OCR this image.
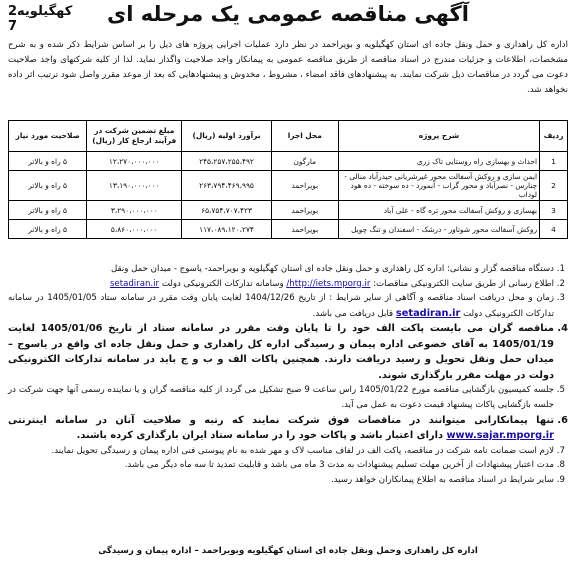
کهگیلویه2 7
آگهی مناقصه عمومی یک مرحله ای
اداره کل راهداری و حمل ونقل جاده ای استان کهگیلویه و بویراحمد در نظر دارد عملیات اجرایی پروژه های ذیل را بر اساس شرایط ذکر شده و به شرح مشخصات، اطلاعات و جزئیات مندرج در اسناد مناقصه از طریق مناقصه عمومی به پیمانکار واجد صلاحیت واگذار نماید. لذا از کلیه شرکتهای واجد صلاحیت دعوت می گردد در مناقصات ذیل شرکت نمایند. به پیشنهادهای فاقد امضاء ، مشروط ، مخدوش و پیشنهادهایی که بعد از موعد مقرر واصل شود ترتیب اثر داده نخواهد شد.
ردیف	شرح پروژه	محل اجرا	برآورد اولیه (ریال)	مبلغ تضمین شرکت در فرآیند ارجاع کار (ریال)	صلاحیت مورد نیاز
1	احداث و بهسازی راه روستایی تاک زری	مارگون	۲۴۵،۲۵۷،۲۵۵،۴۹۲	۱۲،۲۷۰،۰۰۰،۰۰۰	۵ راه و بالاتر
2	ایمن سازی و روکش آسفالت محور غیرشریانی حیدرآباد منالی - چنارس - نصرآباد و محور گراب - آبمورد - ده سوخته - ده هود لوداب	بویراحمد	۲۶۳،۷۹۴،۴۶۹،۹۹۵	۱۳،۱۹۰،۰۰۰،۰۰۰	۵ راه و بالاتر
3	بهسازی و روکش آسفالت محور تره گاه - علی آباد	بویراحمد	۶۵،۷۵۴،۷۰۷،۴۲۳	۳،۲۹۰،۰۰۰،۰۰۰	۵ راه و بالاتر
4	روکش آسفالت محور شوتاور - درشک - اسفندان و تنگ چویل	بویراحمد	۱۱۷،۰۸۹،۱۲۰،۲۷۴	۵،۸۶۰،۰۰۰،۰۰۰	۵ راه و بالاتر
1. دستگاه مناقصه گزار و نشانی: اداره کل راهداری و حمل ونقل جاده ای استان کهگیلویه و بویراحمد- یاسوج - میدان حمل ونقل
2. اطلاع رسانی از طریق سایت الکترونیکی مناقصات: http://iets.mporg.ir/ وسامانه تدارکات الکترونیکی دولت setadiran.ir
3. زمان و محل دریافت اسناد مناقصه و آگاهی از سایر شرایط : از تاریخ 1404/12/26 لغایت پایان وقت مقرر در سامانه ستاد 1405/01/05 در سامانه تدارکات الکترونیکی دولت setadiran.ir قابل دریافت می باشد.
4. مناقصه گران می بایست پاکت الف خود را تا پایان وقت مقرر در سامانه ستاد از تاریخ 1405/01/06 لغایت 1405/01/19 به آقای خضوعی اداره پیمان و رسیدگی اداره کل راهداری و حمل ونقل جاده ای واقع در یاسوج – میدان حمل ونقل تحویل و رسید دریافت دارند. همچنین پاکات الف و ب و ج باید در سامانه تدارکات الکترونیکی دولت در مهلت مقرر بارگذاری شوند.
5. جلسه کمیسیون بازگشایی مناقصه مورخ 1405/01/22 راس ساعت 9 صبح تشکیل می گردد از کلیه مناقصه گران و یا نماینده رسمی آنها جهت شرکت در جلسه بازگشایی پاکات پیشنهاد قیمت دعوت به عمل می آید.
6. تنها پیمانکارانی میتوانند در مناقصات فوق شرکت نمایند که رتبه و صلاحیت آنان در سامانه اینترنتی www.sajar.mporg.ir دارای اعتبار باشد و پاکات خود را در سامانه ستاد ایران بارگذاری کرده باشند.
7. لازم است ضمانت نامه شرکت در مناقصه، پاکت الف در لفاف مناسب لاک و مهر شده به نام پیوستی فنی اداره پیمان و رسیدگی تحویل نمایند.
8. مدت اعتبار پیشنهادات از آخرین مهلت تسلیم پیشنهادات به مدت 3 ماه می باشد و قابلیت تمدید تا سه ماه دیگر می باشد.
9. سایر شرایط در اسناد مناقصه به اطلاع پیمانکاران خواهد رسید.
اداره کل راهداری وحمل ونقل جاده ای استان کهگیلویه وبویراحمد – اداره پیمان و رسیدگی
